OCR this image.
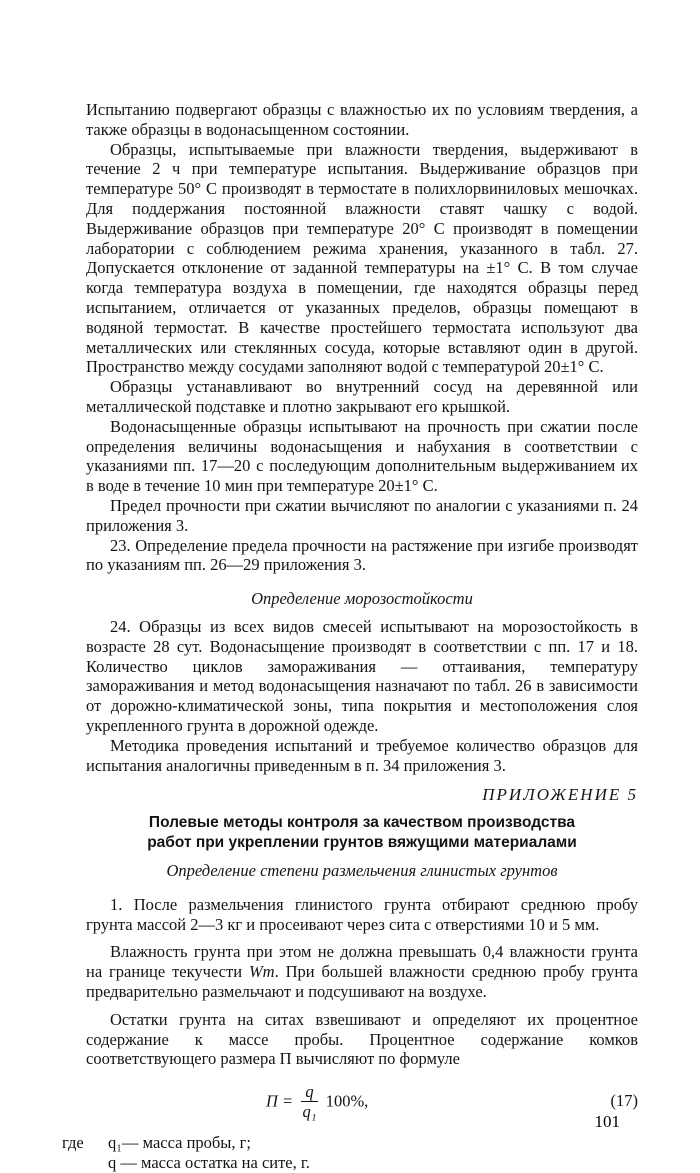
Испытанию подвергают образцы с влажностью их по условиям твердения, а также образцы в водонасыщенном состоянии.

Образцы, испытываемые при влажности твердения, выдерживают в течение 2 ч при температуре испытания. Выдерживание образцов при температуре 50° С производят в термостате в полихлорвиниловых мешочках. Для поддержания постоянной влажности ставят чашку с водой. Выдерживание образцов при температуре 20° С производят в помещении лаборатории с соблюдением режима хранения, указанного в табл. 27. Допускается отклонение от заданной температуры на ±1° С. В том случае когда температура воздуха в помещении, где находятся образцы перед испытанием, отличается от указанных пределов, образцы помещают в водяной термостат. В качестве простейшего термостата используют два металлических или стеклянных сосуда, которые вставляют один в другой. Пространство между сосудами заполняют водой с температурой 20±1° С.

Образцы устанавливают во внутренний сосуд на деревянной или металлической подставке и плотно закрывают его крышкой.

Водонасыщенные образцы испытывают на прочность при сжатии после определения величины водонасыщения и набухания в соответствии с указаниями пп. 17—20 с последующим дополнительным выдерживанием их в воде в течение 10 мин при температуре 20±1° С.

Предел прочности при сжатии вычисляют по аналогии с указаниями п. 24 приложения 3.

23. Определение предела прочности на растяжение при изгибе производят по указаниям пп. 26—29 приложения 3.

Определение морозостойкости

24. Образцы из всех видов смесей испытывают на морозостойкость в возрасте 28 сут. Водонасыщение производят в соответствии с пп. 17 и 18. Количество циклов замораживания — оттаивания, температуру замораживания и метод водонасыщения назначают по табл. 26 в зависимости от дорожно-климатической зоны, типа покрытия и местоположения слоя укрепленного грунта в дорожной одежде.

Методика проведения испытаний и требуемое количество образцов для испытания аналогичны приведенным в п. 34 приложения 3.

ПРИЛОЖЕНИЕ 5
Полевые методы контроля за качеством производства
работ при укреплении грунтов вяжущими материалами
Определение степени размельчения глинистых грунтов

1. После размельчения глинистого грунта отбирают среднюю пробу грунта массой 2—3 кг и просеивают через сита с отверстиями 10 и 5 мм.

Влажность грунта при этом не должна превышать 0,4 влажности грунта на границе текучести Wт. При большей влажности среднюю пробу грунта предварительно размельчают и подсушивают на воздухе.

Остатки грунта на ситах взвешивают и определяют их процентное содержание к массе пробы. Процентное содержание комков соответствующего размера П вычисляют по формуле

$П = \frac{q}{\text{q₁}} 100\%$,	(17)
где	q₁— масса пробы, г;
q — масса остатка на сите, г.
101
